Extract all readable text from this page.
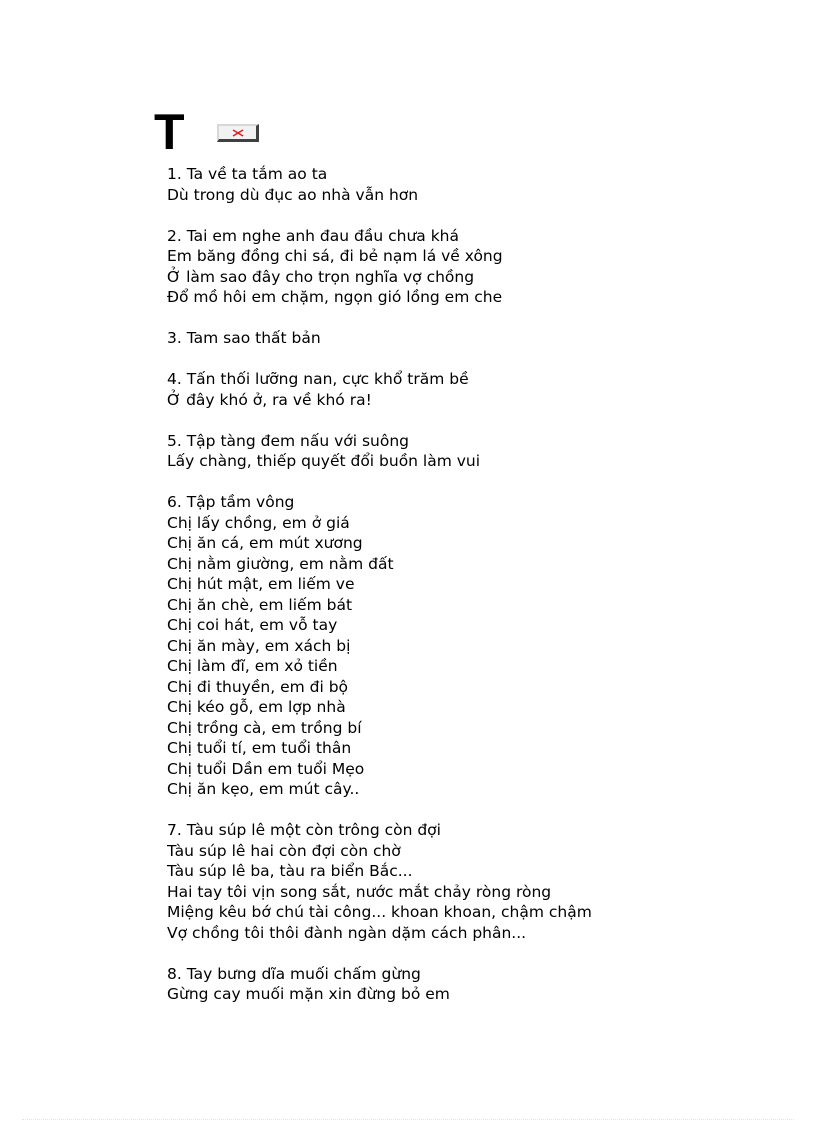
T
1. Ta về ta tắm ao ta
Dù trong dù đục ao nhà vẫn hơn
2. Tai em nghe anh đau đầu chưa khá
Em băng đồng chi sá, đi bẻ nạm lá về xông
Ở làm sao đây cho trọn nghĩa vợ chồng
Đổ mồ hôi em chặm, ngọn gió lồng em che
3. Tam sao thất bản
4. Tấn thối lưỡng nan, cực khổ trăm bề
Ở đây khó ở, ra về khó ra!
5. Tập tàng đem nấu với suông
Lấy chàng, thiếp quyết đổi buồn làm vui
6. Tập tầm vông
Chị lấy chồng, em ở giá
Chị ăn cá, em mút xương
Chị nằm giường, em nằm đất
Chị hút mật, em liếm ve
Chị ăn chè, em liếm bát
Chị coi hát, em vỗ tay
Chị ăn mày, em xách bị
Chị làm đĩ, em xỏ tiền
Chị đi thuyền, em đi bộ
Chị kéo gỗ, em lợp nhà
Chị trồng cà, em trồng bí
Chị tuổi tí, em tuổi thân
Chị tuổi Dần em tuổi Mẹo
Chị ăn kẹo, em mút cây..
7. Tàu súp lê một còn trông còn đợi
Tàu súp lê hai còn đợi còn chờ
Tàu súp lê ba, tàu ra biển Bắc...
Hai tay tôi vịn song sắt, nước mắt chảy ròng ròng
Miệng kêu bớ chú tài công... khoan khoan, chậm chậm
Vợ chồng tôi thôi đành ngàn dặm cách phân...
8. Tay bưng dĩa muối chấm gừng
Gừng cay muối mặn xin đừng bỏ em
